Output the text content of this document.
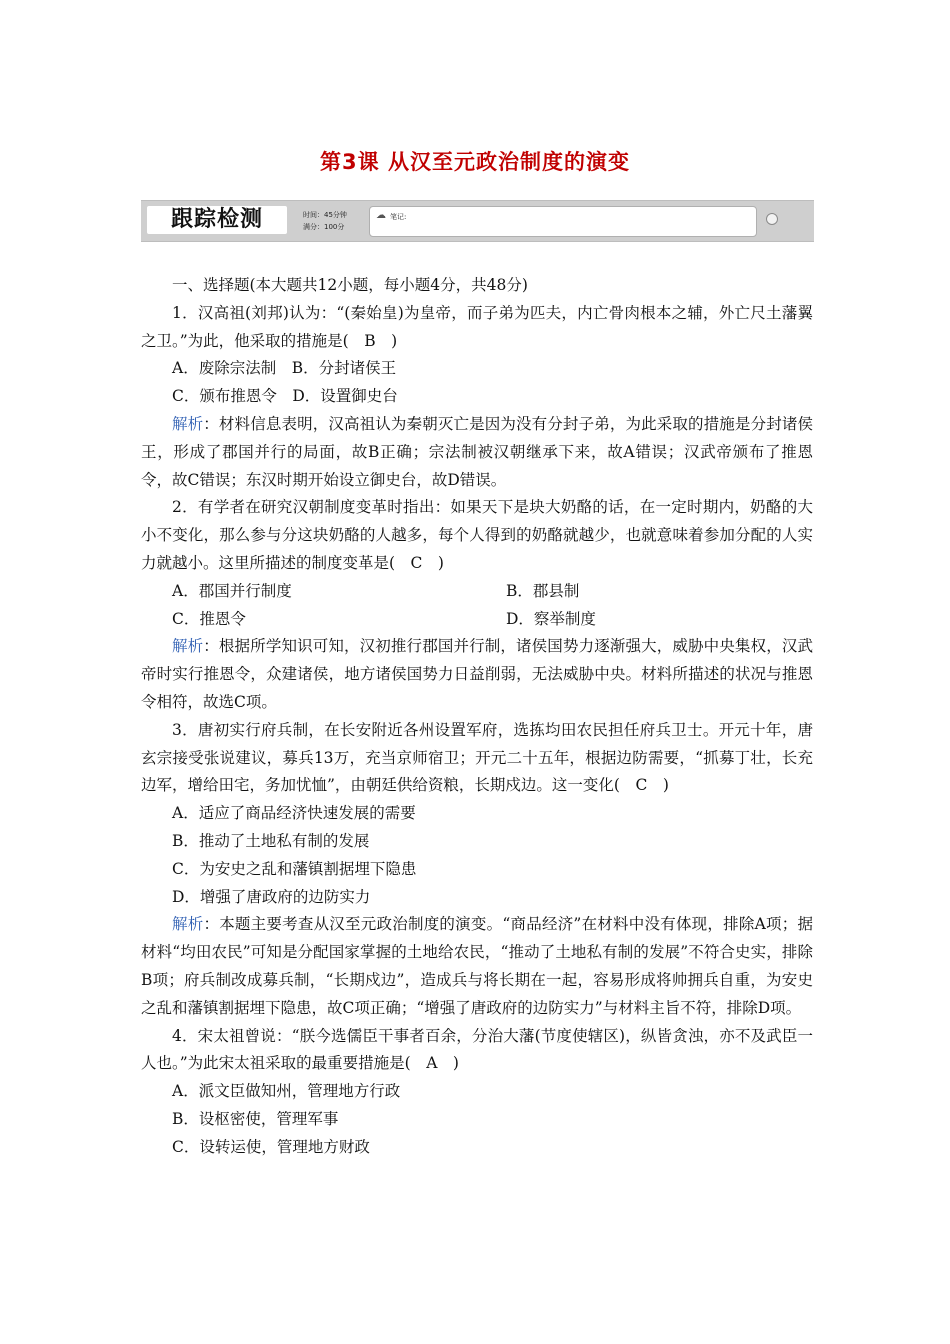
第3课 从汉至元政治制度的演变
跟踪检测	时间：45分钟
满分：100分
☁ 笔记:

一、选择题(本大题共12小题，每小题4分，共48分)

1．汉高祖(刘邦)认为：“(秦始皇)为皇帝，而子弟为匹夫，内亡骨肉根本之辅，外亡尺土藩翼之卫。”为此，他采取的措施是(　B　)

A．废除宗法制　B．分封诸侯王

C．颁布推恩令　D．设置御史台

解析：材料信息表明，汉高祖认为秦朝灭亡是因为没有分封子弟，为此采取的措施是分封诸侯王，形成了郡国并行的局面，故B正确；宗法制被汉朝继承下来，故A错误；汉武帝颁布了推恩令，故C错误；东汉时期开始设立御史台，故D错误。

2．有学者在研究汉朝制度变革时指出：如果天下是块大奶酪的话，在一定时期内，奶酪的大小不变化，那么参与分这块奶酪的人越多，每个人得到的奶酪就越少，也就意味着参加分配的人实力就越小。这里所描述的制度变革是(　C　)

A．郡国并行制度	B．郡县制
C．推恩令	D．察举制度

解析：根据所学知识可知，汉初推行郡国并行制，诸侯国势力逐渐强大，威胁中央集权，汉武帝时实行推恩令，众建诸侯，地方诸侯国势力日益削弱，无法威胁中央。材料所描述的状况与推恩令相符，故选C项。

3．唐初实行府兵制，在长安附近各州设置军府，选拣均田农民担任府兵卫士。开元十年，唐玄宗接受张说建议，募兵13万，充当京师宿卫；开元二十五年，根据边防需要，“抓募丁壮，长充边军，增给田宅，务加忧恤”，由朝廷供给资粮，长期戍边。这一变化(　C　)

A．适应了商品经济快速发展的需要

B．推动了土地私有制的发展

C．为安史之乱和藩镇割据埋下隐患

D．增强了唐政府的边防实力

解析：本题主要考查从汉至元政治制度的演变。“商品经济”在材料中没有体现，排除A项；据材料“均田农民”可知是分配国家掌握的土地给农民，“推动了土地私有制的发展”不符合史实，排除B项；府兵制改成募兵制，“长期戍边”，造成兵与将长期在一起，容易形成将帅拥兵自重，为安史之乱和藩镇割据埋下隐患，故C项正确；“增强了唐政府的边防实力”与材料主旨不符，排除D项。

4．宋太祖曾说：“朕今选儒臣干事者百余，分治大藩(节度使辖区)，纵皆贪浊，亦不及武臣一人也。”为此宋太祖采取的最重要措施是(　A　)

A．派文臣做知州，管理地方行政

B．设枢密使，管理军事

C．设转运使，管理地方财政
